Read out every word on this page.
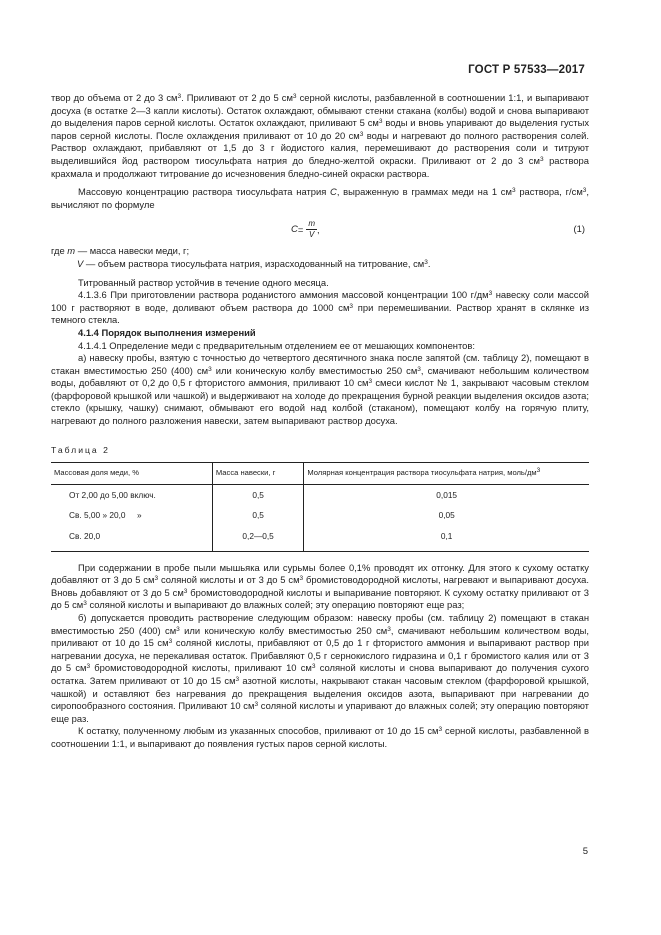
ГОСТ Р 57533—2017

твор до объема от 2 до 3 $см^3$. Приливают от 2 до 5 $см^3$ серной кислоты, разбавленной в соотношении 1:1, и выпаривают досуха (в остатке 2—3 капли кислоты). Остаток охлаждают, обмывают стенки стакана (колбы) водой и снова выпаривают до выделения паров серной кислоты. Остаток охлаждают, приливают 5 $см^3$ воды и вновь упаривают до выделения густых паров серной кислоты. После охлаждения приливают от 10 до 20 $см^3$ воды и нагревают до полного растворения солей. Раствор охлаждают, прибавляют от 1,5 до 3 г йодистого калия, перемешивают до растворения соли и титруют выделившийся йод раствором тиосульфата натрия до бледно-желтой окраски. Приливают от 2 до 3 $см^3$ раствора крахмала и продолжают титрование до исчезновения бледно-синей окраски раствора.

Массовую концентрацию раствора тиосульфата натрия С, выраженную в граммах меди на 1 $см^3$ раствора, $г/см^3$, вычисляют по формуле

$C = \frac{m}{V}$ ,	(1)

где m — масса навески меди, г;

V — объем раствора тиосульфата натрия, израсходованный на титрование, $см^3$.

Титрованный раствор устойчив в течение одного месяца.

4.1.3.6 При приготовлении раствора роданистого аммония массовой концентрации 100 $г/дм^3$ навеску соли массой 100 г растворяют в воде, доливают объем раствора до 1000 $см^3$ при перемешивании. Раствор хранят в склянке из темного стекла.

4.1.4 Порядок выполнения измерений

4.1.4.1 Определение меди с предварительным отделением ее от мешающих компонентов:

а) навеску пробы, взятую с точностью до четвертого десятичного знака после запятой (см. таблицу 2), помещают в стакан вместимостью 250 (400) $см^3$ или коническую колбу вместимостью 250 $см^3$, смачивают небольшим количеством воды, добавляют от 0,2 до 0,5 г фтористого аммония, приливают 10 $см^3$ смеси кислот № 1, закрывают часовым стеклом (фарфоровой крышкой или чашкой) и выдерживают на холоде до прекращения бурной реакции выделения оксидов азота; стекло (крышку, чашку) снимают, обмывают его водой над колбой (стаканом), помещают колбу на горячую плиту, нагревают до полного разложения навески, затем выпаривают раствор досуха.

Таблица 2

Массовая доля меди, %	Масса навески, г	Молярная концентрация раствора тиосульфата натрия, моль/$дм^3$
От 2,00 до 5,00 включ.	0,5	0,015
Св. 5,00 » 20,0     »	0,5	0,05
Св. 20,0	0,2—0,5	0,1

При содержании в пробе пыли мышьяка или сурьмы более 0,1% проводят их отгонку. Для этого к сухому остатку добавляют от 3 до 5 $см^3$ соляной кислоты и от 3 до 5 $см^3$ бромистоводородной кислоты, нагревают и выпаривают досуха. Вновь добавляют от 3 до 5 $см^3$ бромистоводородной кислоты и выпаривание повторяют. К сухому остатку приливают от 3 до 5 $см^3$ соляной кислоты и выпаривают до влажных солей; эту операцию повторяют еще раз;

б) допускается проводить растворение следующим образом: навеску пробы (см. таблицу 2) помещают в стакан вместимостью 250 (400) $см^3$ или коническую колбу вместимостью 250 $см^3$, смачивают небольшим количеством воды, приливают от 10 до 15 $см^3$ соляной кислоты, прибавляют от 0,5 до 1 г фтористого аммония и выпаривают раствор при нагревании досуха, не перекаливая остаток. Прибавляют 0,5 г сернокислого гидразина и 0,1 г бромистого калия или от 3 до 5 $см^3$ бромистоводородной кислоты, приливают 10 $см^3$ соляной кислоты и снова выпаривают до получения сухого остатка. Затем приливают от 10 до 15 $см^3$ азотной кислоты, накрывают стакан часовым стеклом (фарфоровой крышкой, чашкой) и оставляют без нагревания до прекращения выделения оксидов азота, выпаривают при нагревании до сиропообразного состояния. Приливают 10 $см^3$ соляной кислоты и упаривают до влажных солей; эту операцию повторяют еще раз.

К остатку, полученному любым из указанных способов, приливают от 10 до 15 $см^3$ серной кислоты, разбавленной в соотношении 1:1, и выпаривают до появления густых паров серной кислоты.

5
